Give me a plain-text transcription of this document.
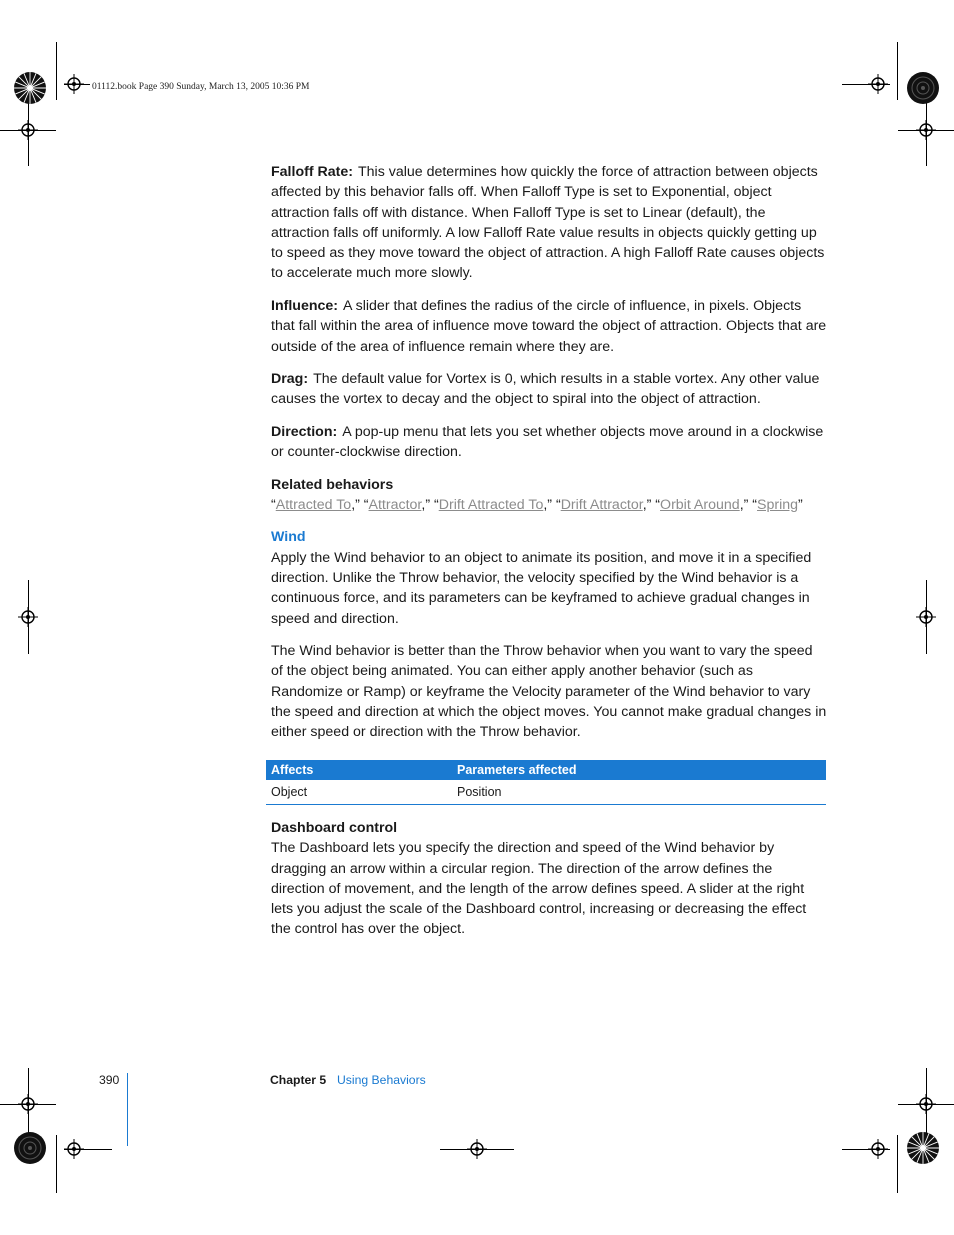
01112.book Page 390 Sunday, March 13, 2005 10:36 PM

Falloff Rate: This value determines how quickly the force of attraction between objects affected by this behavior falls off. When Falloff Type is set to Exponential, object attraction falls off with distance. When Falloff Type is set to Linear (default), the attraction falls off uniformly. A low Falloff Rate value results in objects quickly getting up to speed as they move toward the object of attraction. A high Falloff Rate causes objects to accelerate much more slowly.

Influence: A slider that defines the radius of the circle of influence, in pixels. Objects that fall within the area of influence move toward the object of attraction. Objects that are outside of the area of influence remain where they are.

Drag: The default value for Vortex is 0, which results in a stable vortex. Any other value causes the vortex to decay and the object to spiral into the object of attraction.

Direction: A pop-up menu that lets you set whether objects move around in a clockwise or counter-clockwise direction.

Related behaviors

“Attracted To,” “Attractor,” “Drift Attracted To,” “Drift Attractor,” “Orbit Around,” “Spring”

Wind

Apply the Wind behavior to an object to animate its position, and move it in a specified direction. Unlike the Throw behavior, the velocity specified by the Wind behavior is a continuous force, and its parameters can be keyframed to achieve gradual changes in speed and direction.

The Wind behavior is better than the Throw behavior when you want to vary the speed of the object being animated. You can either apply another behavior (such as Randomize or Ramp) or keyframe the Velocity parameter of the Wind behavior to vary the speed and direction at which the object moves. You cannot make gradual changes in either speed or direction with the Throw behavior.

Affects	Parameters affected
Object	Position

Dashboard control

The Dashboard lets you specify the direction and speed of the Wind behavior by dragging an arrow within a circular region. The direction of the arrow defines the direction of movement, and the length of the arrow defines speed. A slider at the right lets you adjust the scale of the Dashboard control, increasing or decreasing the effect the control has over the object.
390	Chapter 5 Using Behaviors
